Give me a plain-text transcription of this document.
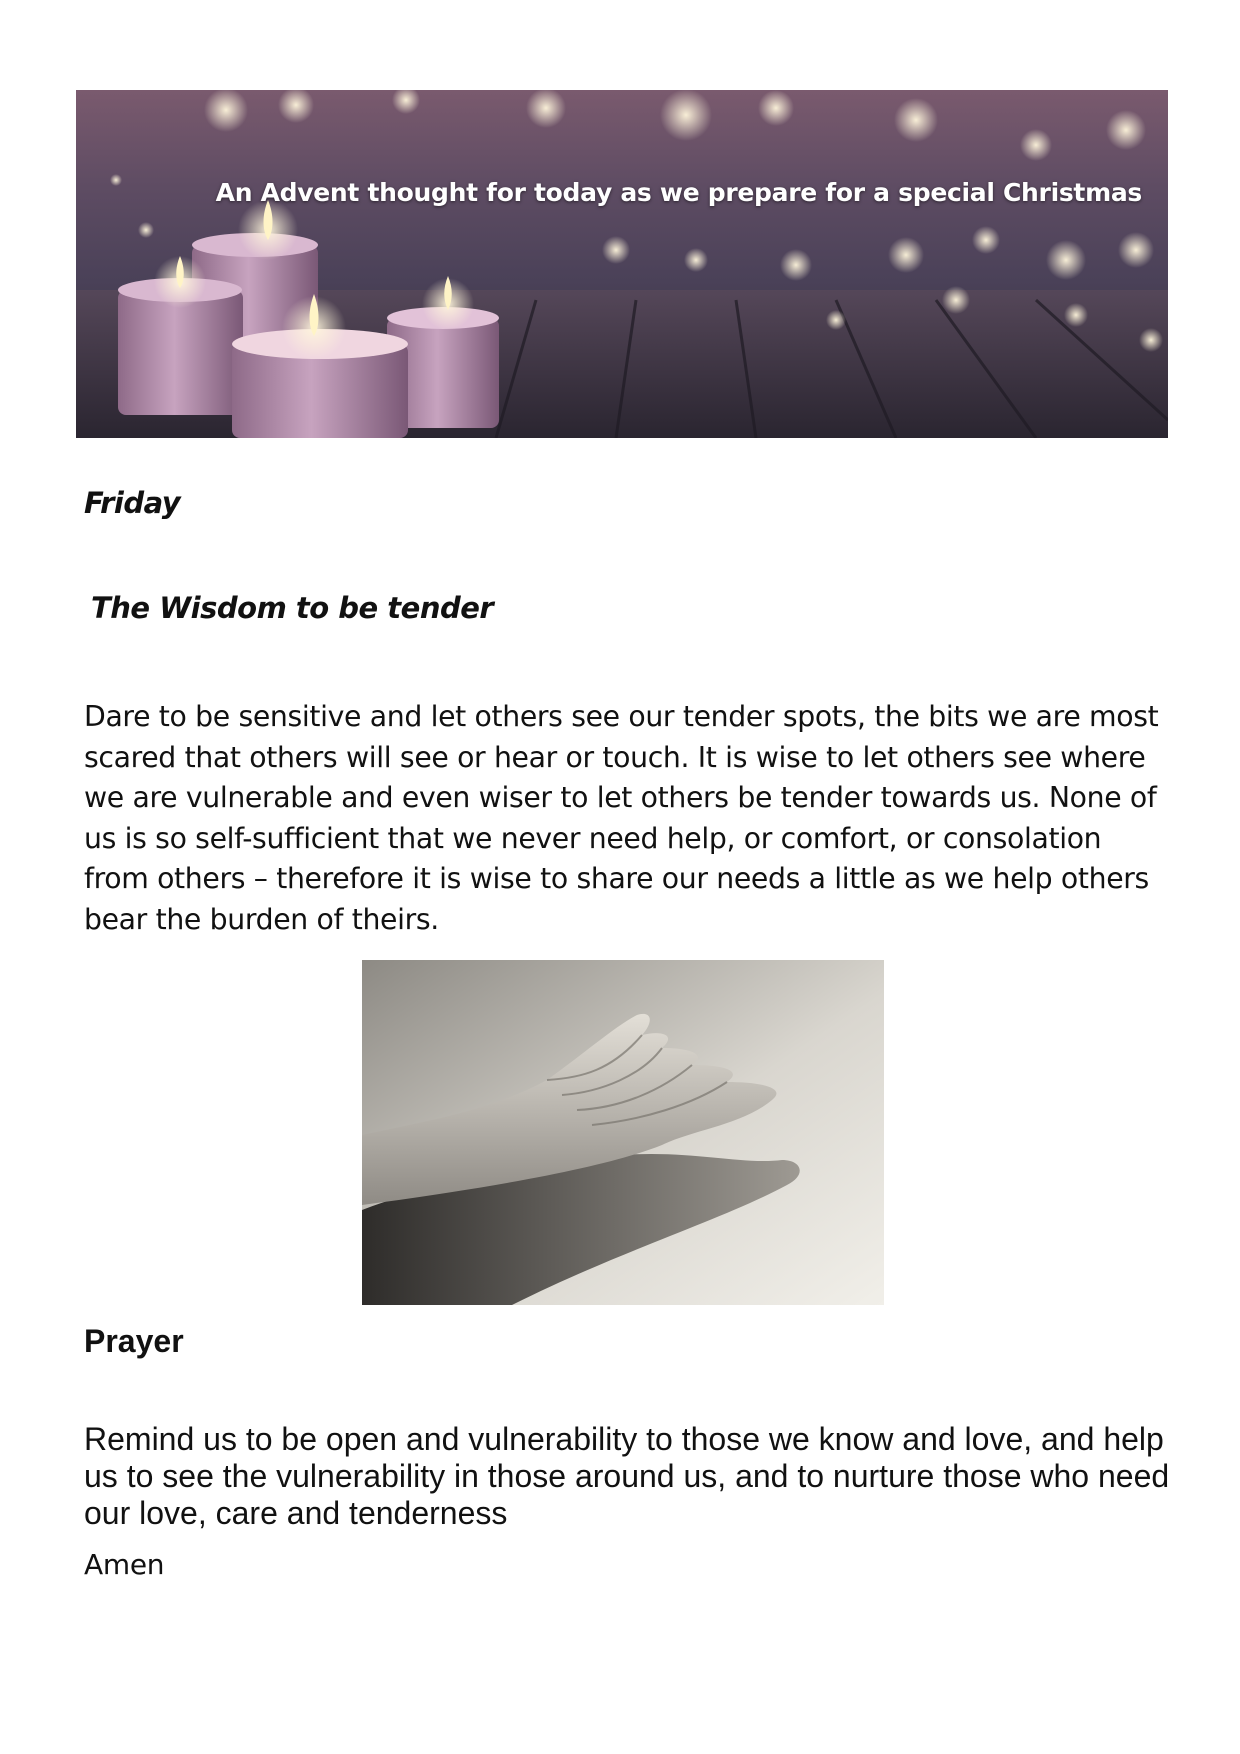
An Advent thought for today as we prepare for a special Christmas
Friday
The Wisdom to be tender
Dare to be sensitive and let others see our tender spots, the bits we are most scared that others will see or hear or touch. It is wise to let others see where we are vulnerable and even wiser to let others be tender towards us. None of us is so self-sufficient that we never need help, or comfort, or consolation from others – therefore it is wise to share our needs a little as we help others bear the burden of theirs.
Prayer
Remind us to be open and vulnerability to those we know and love, and help us to see the vulnerability in those around us, and to nurture those who need our love, care and tenderness
Amen
